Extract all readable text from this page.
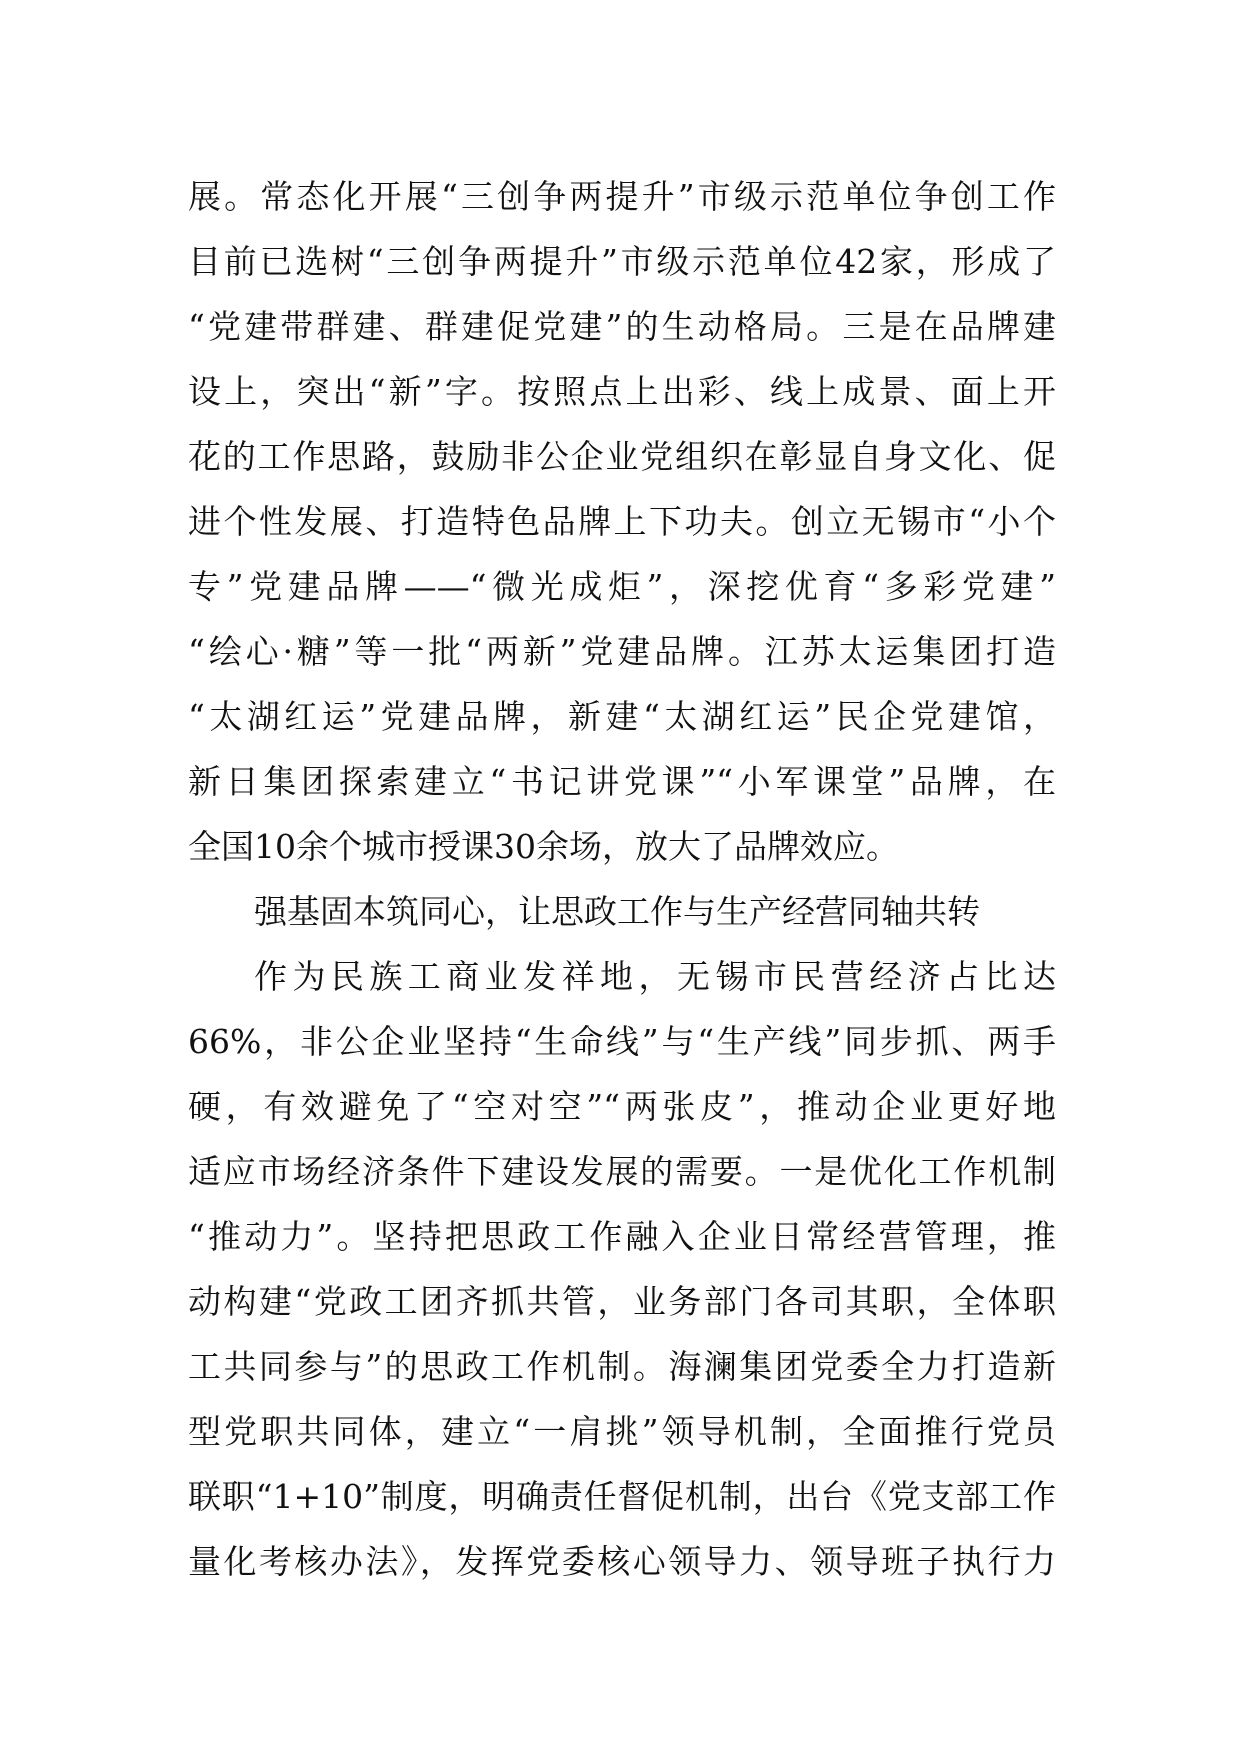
展。常态化开展“三创争两提升”市级示范单位争创工作
目前已选树“三创争两提升”市级示范单位42家，形成了
“党建带群建、群建促党建”的生动格局。三是在品牌建
设上，突出“新”字。按照点上出彩、线上成景、面上开
花的工作思路，鼓励非公企业党组织在彰显自身文化、促
进个性发展、打造特色品牌上下功夫。创立无锡市“小个
专”党建品牌——“微光成炬”，深挖优育“多彩党建”
“绘心·糖”等一批“两新”党建品牌。江苏太运集团打造
“太湖红运”党建品牌，新建“太湖红运”民企党建馆，
新日集团探索建立“书记讲党课”“小军课堂”品牌，在
全国10余个城市授课30余场，放大了品牌效应。
强基固本筑同心，让思政工作与生产经营同轴共转
作为民族工商业发祥地，无锡市民营经济占比达
66%，非公企业坚持“生命线”与“生产线”同步抓、两手
硬，有效避免了“空对空”“两张皮”，推动企业更好地
适应市场经济条件下建设发展的需要。一是优化工作机制
“推动力”。坚持把思政工作融入企业日常经营管理，推
动构建“党政工团齐抓共管，业务部门各司其职，全体职
工共同参与”的思政工作机制。海澜集团党委全力打造新
型党职共同体，建立“一肩挑”领导机制，全面推行党员
联职“1+10”制度，明确责任督促机制，出台《党支部工作
量化考核办法》，发挥党委核心领导力、领导班子执行力
